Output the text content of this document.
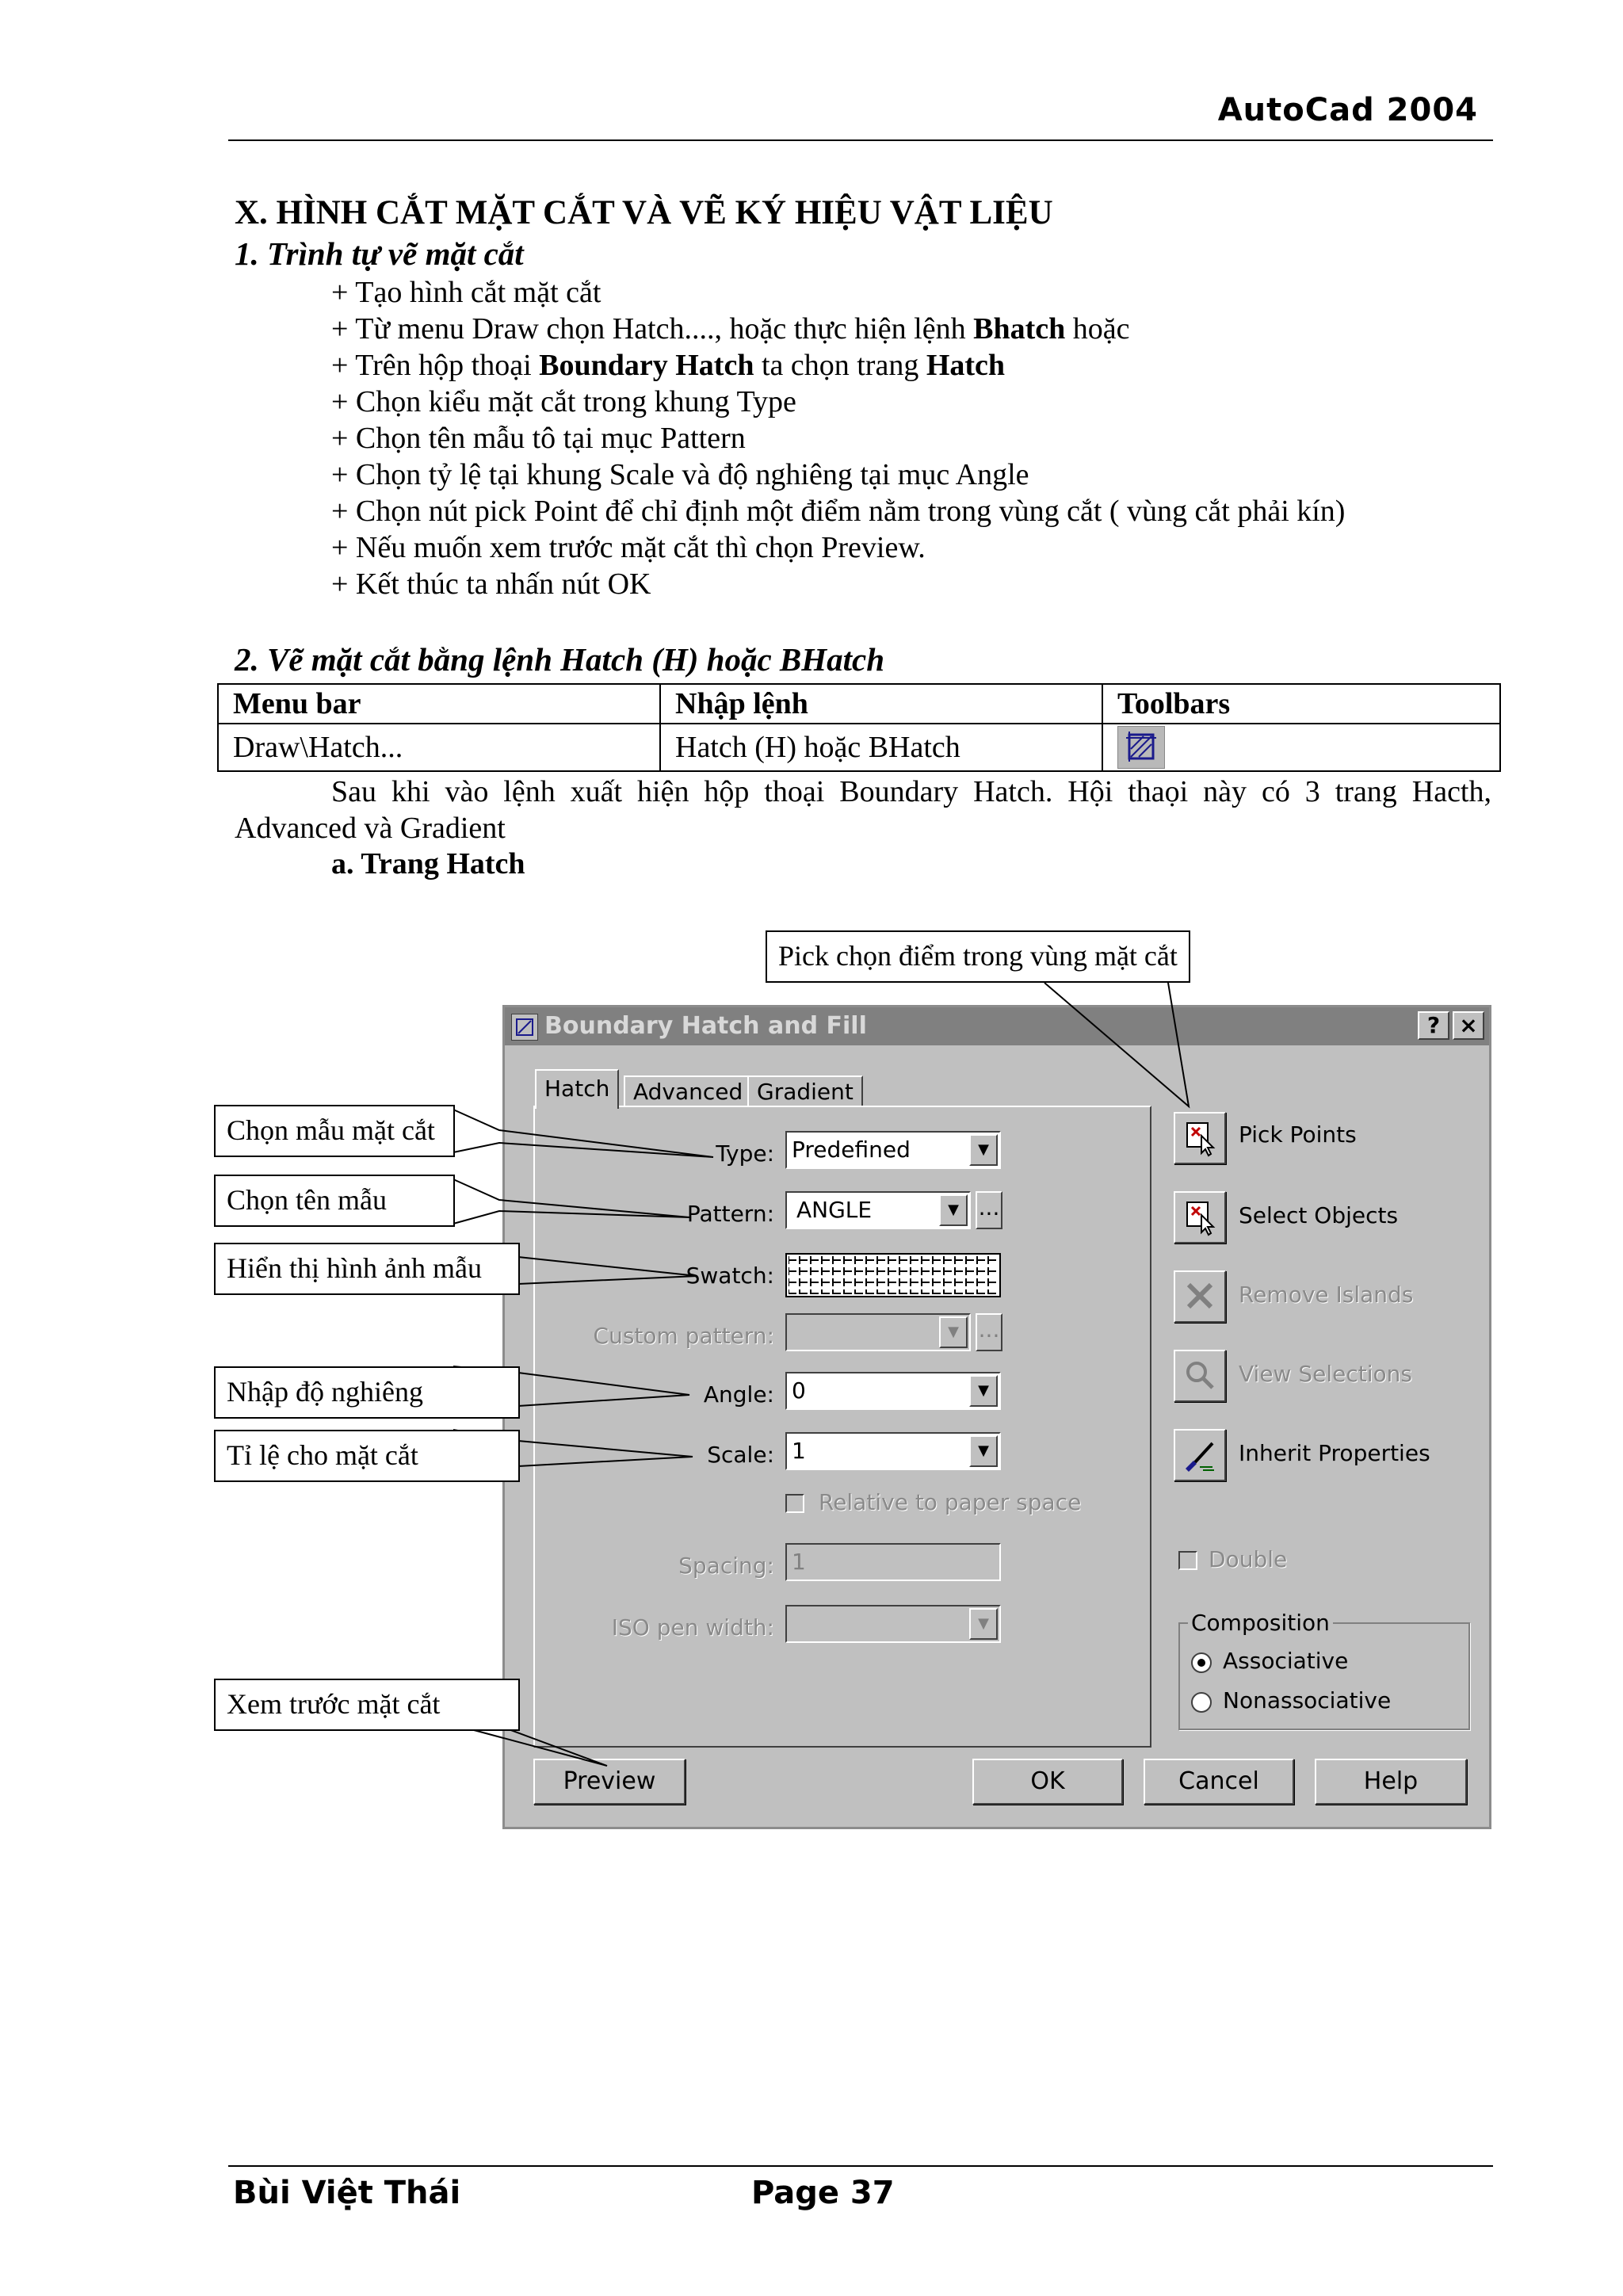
AutoCad 2004
X. HÌNH CẮT MẶT CẮT VÀ VẼ KÝ HIỆU VẬT LIỆU
1. Trình tự vẽ mặt cắt
+ Tạo hình cắt mặt cắt
+ Từ menu Draw chọn Hatch...., hoặc thực hiện lệnh Bhatch hoặc
+ Trên hộp thoại Boundary Hatch ta chọn trang Hatch
+ Chọn kiểu mặt cắt trong khung Type
+ Chọn tên mẫu tô tại mục Pattern
+ Chọn tỷ lệ tại khung Scale và độ nghiêng tại mục Angle
+ Chọn nút pick Point để chỉ định một điểm nằm trong vùng cắt ( vùng cắt phải kín)
+ Nếu muốn xem trước mặt cắt thì chọn Preview.
+ Kết thúc ta nhấn nút OK
2. Vẽ mặt cắt bằng lệnh Hatch (H) hoặc BHatch
Menu bar	Nhập lệnh	Toolbars
Draw\Hatch...	Hatch (H) hoặc BHatch	
Sau khi vào lệnh xuất hiện hộp thoại Boundary Hatch. Hội thaọi này có 3 trang Hacth, Advanced và Gradient
a. Trang Hatch
Boundary Hatch and Fill	? ×
Hatch	Advanced Gradient
Type: Predefined	▼
Pattern:	ANGLE	▼ ...
Swatch:
Custom pattern:	▼ ...
Angle: 0	▼
Scale: 1	▼
Relative to paper space
Spacing: 1
ISO pen width:	▼
Pick Points
Select Objects
Remove Islands
View Selections
Inherit Properties
Double
Composition
Associative
Nonassociative
Preview	OK	Cancel	Help
Pick chọn điểm trong vùng mặt cắt
Chọn mẫu mặt cắt
Chọn tên mẫu
Hiển thị hình ảnh mẫu
Nhập độ nghiêng
Tỉ lệ cho mặt cắt
Xem trước mặt cắt
Bùi Việt Thái	Page 37
